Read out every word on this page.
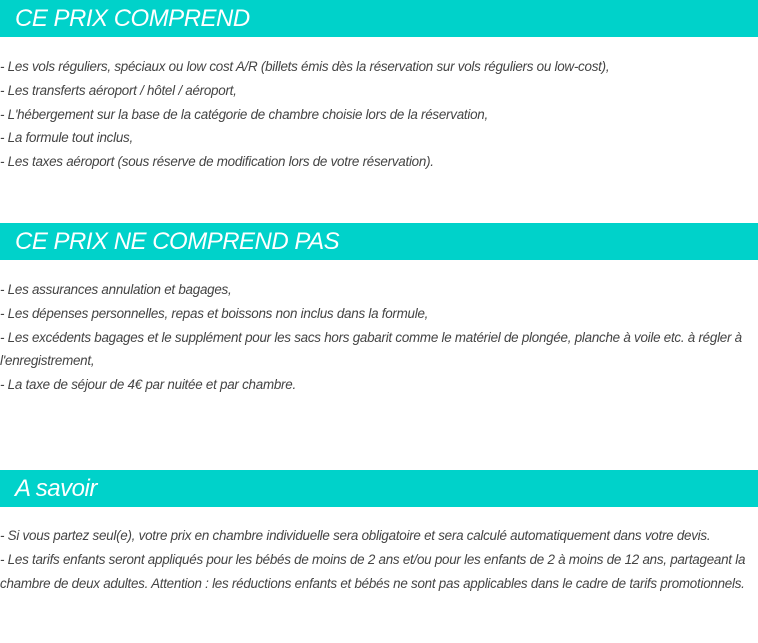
CE PRIX COMPREND
- Les vols réguliers, spéciaux ou low cost A/R (billets émis dès la réservation sur vols réguliers ou low-cost),
- Les transferts aéroport / hôtel / aéroport,
- L'hébergement sur la base de la catégorie de chambre choisie lors de la réservation,
- La formule tout inclus,
- Les taxes aéroport (sous réserve de modification lors de votre réservation).
CE PRIX NE COMPREND PAS
- Les assurances annulation et bagages,
- Les dépenses personnelles, repas et boissons non inclus dans la formule,
- Les excédents bagages et le supplément pour les sacs hors gabarit comme le matériel de plongée, planche à voile etc. à régler à l'enregistrement,
- La taxe de séjour de 4€ par nuitée et par chambre.
A savoir
- Si vous partez seul(e), votre prix en chambre individuelle sera obligatoire et sera calculé automatiquement dans votre devis.
- Les tarifs enfants seront appliqués pour les bébés de moins de 2 ans et/ou pour les enfants de 2 à moins de 12 ans, partageant la chambre de deux adultes. Attention : les réductions enfants et bébés ne sont pas applicables dans le cadre de tarifs promotionnels.
